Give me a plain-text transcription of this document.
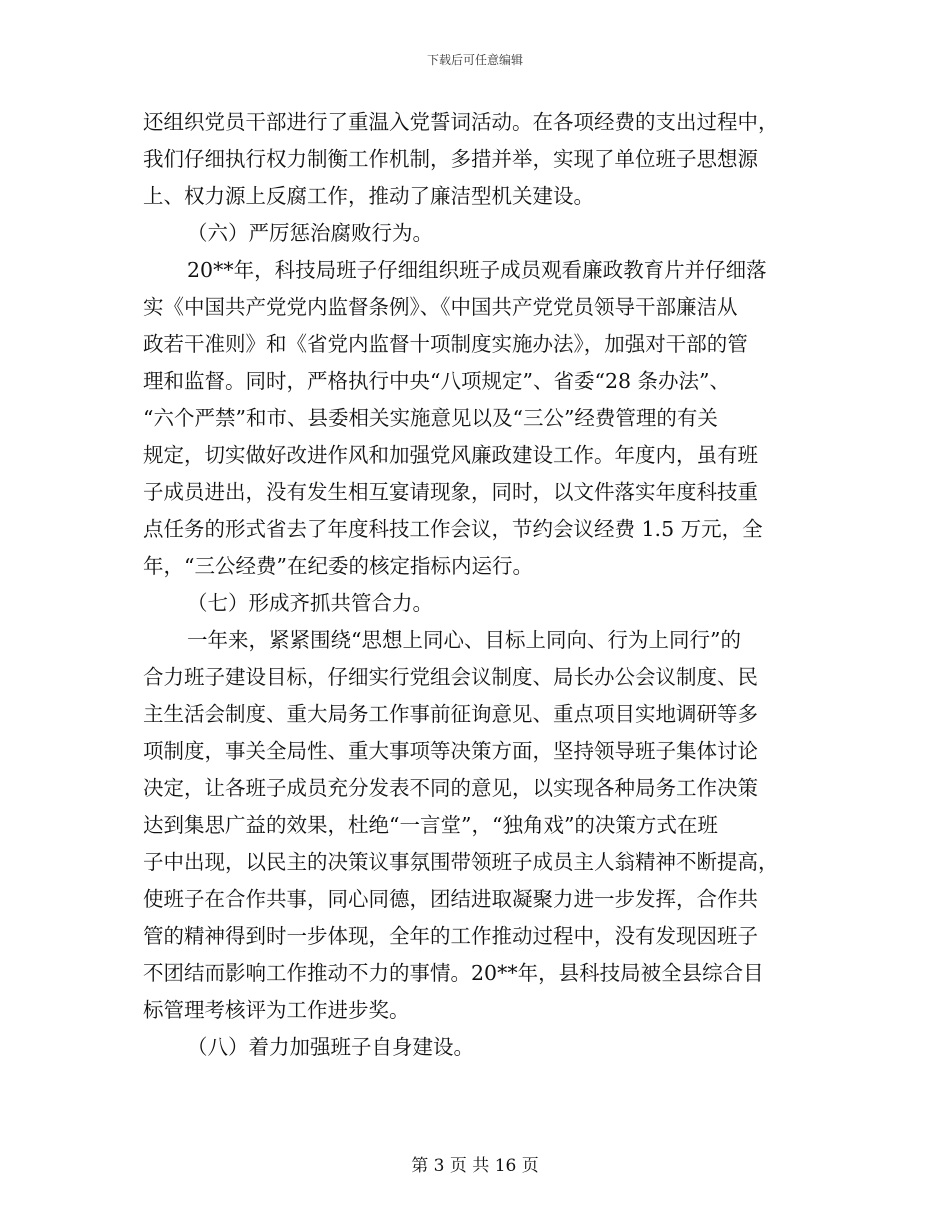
下载后可任意编辑
还组织党员干部进行了重温入党誓词活动。在各项经费的支出过程中，
我们仔细执行权力制衡工作机制，多措并举，实现了单位班子思想源
上、权力源上反腐工作，推动了廉洁型机关建设。
（六）严厉惩治腐败行为。
20**年，科技局班子仔细组织班子成员观看廉政教育片并仔细落
实《中国共产党党内监督条例》、《中国共产党党员领导干部廉洁从
政若干准则》和《省党内监督十项制度实施办法》，加强对干部的管
理和监督。同时，严格执行中央“八项规定”、省委“28 条办法”、
“六个严禁”和市、县委相关实施意见以及“三公”经费管理的有关
规定，切实做好改进作风和加强党风廉政建设工作。年度内，虽有班
子成员进出，没有发生相互宴请现象，同时，以文件落实年度科技重
点任务的形式省去了年度科技工作会议，节约会议经费 1.5 万元，全
年，“三公经费”在纪委的核定指标内运行。
（七）形成齐抓共管合力。
一年来，紧紧围绕“思想上同心、目标上同向、行为上同行”的
合力班子建设目标，仔细实行党组会议制度、局长办公会议制度、民
主生活会制度、重大局务工作事前征询意见、重点项目实地调研等多
项制度，事关全局性、重大事项等决策方面，坚持领导班子集体讨论
决定，让各班子成员充分发表不同的意见，以实现各种局务工作决策
达到集思广益的效果，杜绝“一言堂”，“独角戏”的决策方式在班
子中出现，以民主的决策议事氛围带领班子成员主人翁精神不断提高，
使班子在合作共事，同心同德，团结进取凝聚力进一步发挥，合作共
管的精神得到时一步体现，全年的工作推动过程中，没有发现因班子
不团结而影响工作推动不力的事情。20**年，县科技局被全县综合目
标管理考核评为工作进步奖。
（八）着力加强班子自身建设。
第 3 页 共 16 页
